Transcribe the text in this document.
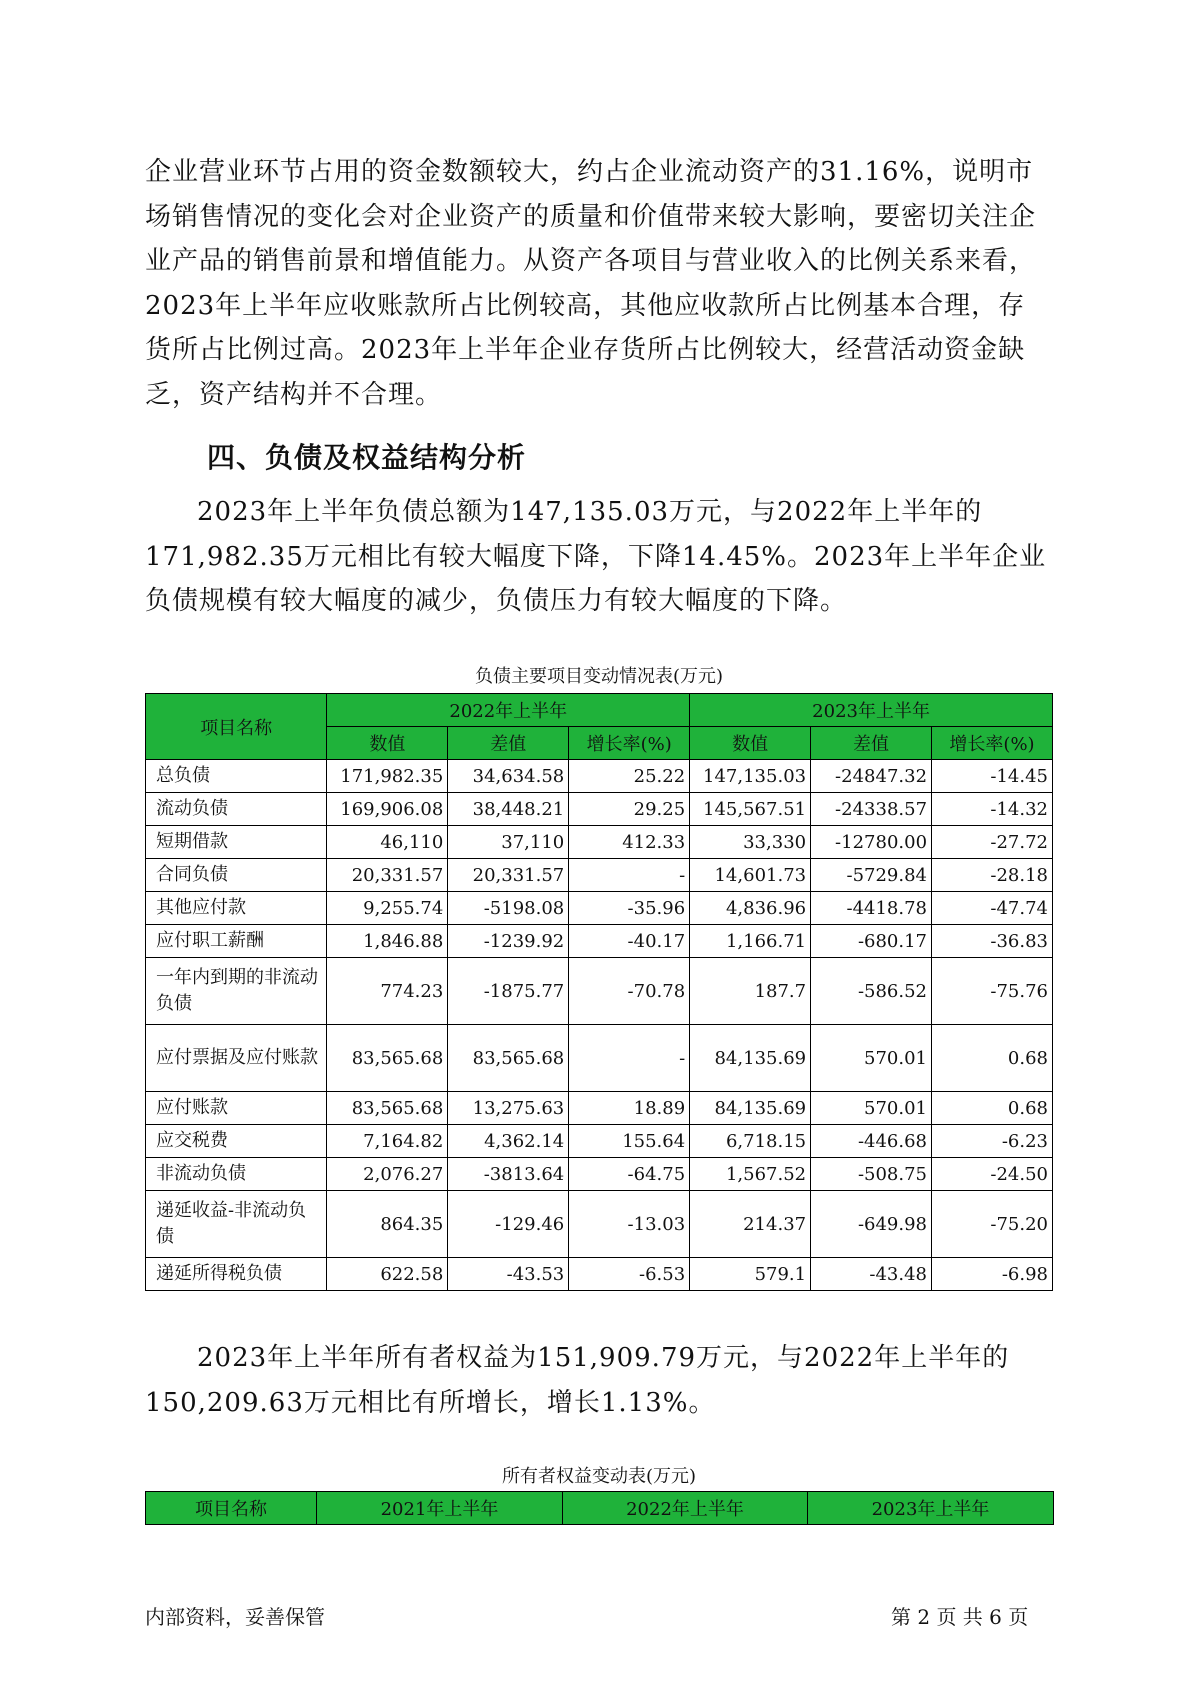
企业营业环节占用的资金数额较大，约占企业流动资产的31.16%，说明市场销售情况的变化会对企业资产的质量和价值带来较大影响，要密切关注企业产品的销售前景和增值能力。从资产各项目与营业收入的比例关系来看，2023年上半年应收账款所占比例较高，其他应收款所占比例基本合理，存货所占比例过高。2023年上半年企业存货所占比例较大，经营活动资金缺乏，资产结构并不合理。

四、负债及权益结构分析

2023年上半年负债总额为147,135.03万元，与2022年上半年的171,982.35万元相比有较大幅度下降，下降14.45%。2023年上半年企业负债规模有较大幅度的减少，负债压力有较大幅度的下降。

负债主要项目变动情况表(万元)

项目名称	2022年上半年			2023年上半年		
	数值	差值	增长率(%)	数值	差值	增长率(%)
总负债	171,982.35	34,634.58	25.22	147,135.03	-24847.32	-14.45
流动负债	169,906.08	38,448.21	29.25	145,567.51	-24338.57	-14.32
短期借款	46,110	37,110	412.33	33,330	-12780.00	-27.72
合同负债	20,331.57	20,331.57	-	14,601.73	-5729.84	-28.18
其他应付款	9,255.74	-5198.08	-35.96	4,836.96	-4418.78	-47.74
应付职工薪酬	1,846.88	-1239.92	-40.17	1,166.71	-680.17	-36.83
一年内到期的非流动负债	774.23	-1875.77	-70.78	187.7	-586.52	-75.76
应付票据及应付账款	83,565.68	83,565.68	-	84,135.69	570.01	0.68
应付账款	83,565.68	13,275.63	18.89	84,135.69	570.01	0.68
应交税费	7,164.82	4,362.14	155.64	6,718.15	-446.68	-6.23
非流动负债	2,076.27	-3813.64	-64.75	1,567.52	-508.75	-24.50
递延收益-非流动负债	864.35	-129.46	-13.03	214.37	-649.98	-75.20
递延所得税负债	622.58	-43.53	-6.53	579.1	-43.48	-6.98

2023年上半年所有者权益为151,909.79万元，与2022年上半年的150,209.63万元相比有所增长，增长1.13%。

所有者权益变动表(万元)

项目名称	2021年上半年	2022年上半年	2023年上半年

内部资料，妥善保管	第 2 页 共 6 页
